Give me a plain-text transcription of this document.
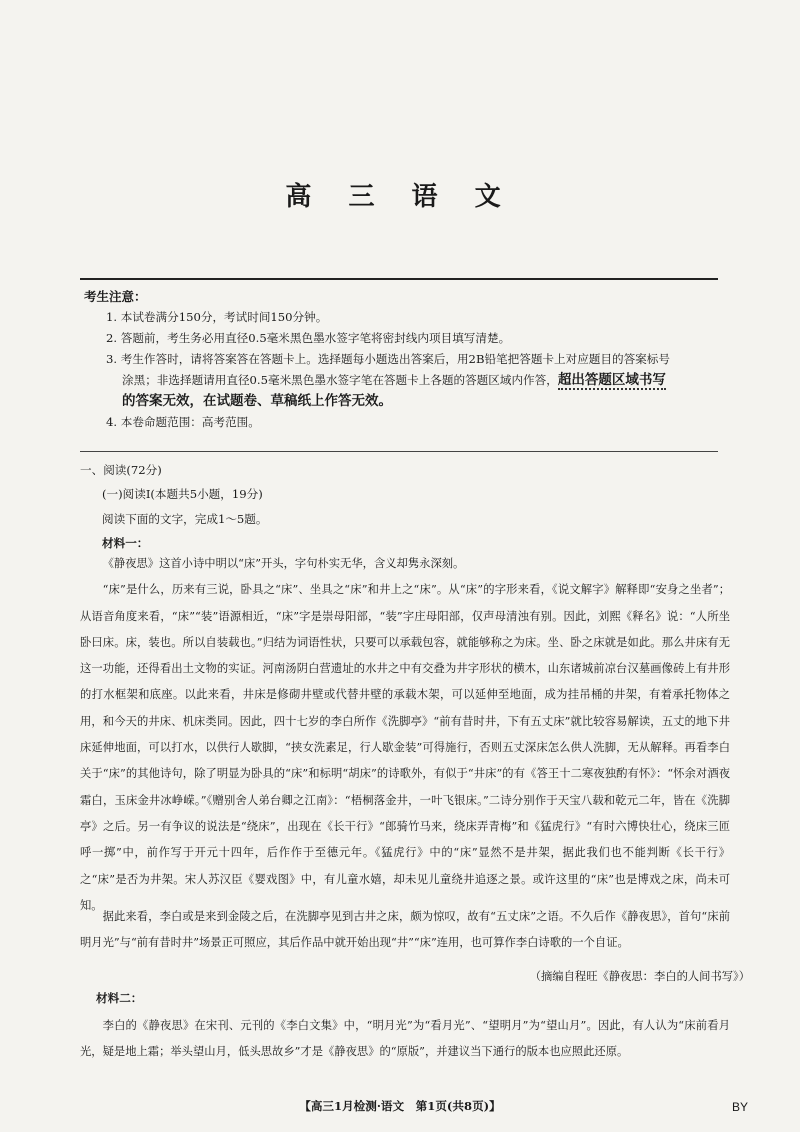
高 三 语 文
考生注意：
1. 本试卷满分150分，考试时间150分钟。
2. 答题前，考生务必用直径0.5毫米黑色墨水签字笔将密封线内项目填写清楚。
3. 考生作答时，请将答案答在答题卡上。选择题每小题选出答案后，用2B铅笔把答题卡上对应题目的答案标号
涂黑；非选择题请用直径0.5毫米黑色墨水签字笔在答题卡上各题的答题区域内作答，超出答题区域书写
的答案无效，在试题卷、草稿纸上作答无效。
4. 本卷命题范围：高考范围。
一、阅读(72分)
(一)阅读Ⅰ(本题共5小题，19分)
阅读下面的文字，完成1～5题。
材料一：
《静夜思》这首小诗中明以“床”开头，字句朴实无华，含义却隽永深刻。
“床”是什么，历来有三说，卧具之“床”、坐具之“床”和井上之“床”。从“床”的字形来看，《说文解字》解释即“安身之坐者”；从语音角度来看，“床”“装”语源相近，“床”字是崇母阳部，“装”字庄母阳部，仅声母清浊有别。因此，刘熙《释名》说：“人所坐卧曰床。床，装也。所以自装载也。”归结为词语性状，只要可以承载包容，就能够称之为床。坐、卧之床就是如此。那么井床有无这一功能，还得看出土文物的实证。河南汤阴白营遗址的水井之中有交叠为井字形状的横木，山东诸城前凉台汉墓画像砖上有井形的打水框架和底座。以此来看，井床是修砌井壁或代替井壁的承载木架，可以延伸至地面，成为挂吊桶的井架，有着承托物体之用，和今天的井床、机床类同。因此，四十七岁的李白所作《洗脚亭》“前有昔时井，下有五丈床”就比较容易解读，五丈的地下井床延伸地面，可以打水，以供行人歇脚，“挟女洗素足，行人歇金装”可得施行，否则五丈深床怎么供人洗脚，无从解释。再看李白关于“床”的其他诗句，除了明显为卧具的“床”和标明“胡床”的诗歌外，有似于“井床”的有《答王十二寒夜独酌有怀》：“怀余对酒夜霜白，玉床金井冰峥嵘。”《赠别舍人弟台卿之江南》：“梧桐落金井，一叶飞银床。”二诗分别作于天宝八载和乾元二年，皆在《洗脚亭》之后。另一有争议的说法是“绕床”，出现在《长干行》“郎骑竹马来，绕床弄青梅”和《猛虎行》“有时六博快壮心，绕床三匝呼一掷”中，前作写于开元十四年，后作作于至德元年。《猛虎行》中的“床”显然不是井架，据此我们也不能判断《长干行》之“床”是否为井架。宋人苏汉臣《婴戏图》中，有儿童水嬉，却未见儿童绕井追逐之景。或许这里的“床”也是博戏之床，尚未可知。
据此来看，李白或是来到金陵之后，在洗脚亭见到古井之床，颇为惊叹，故有“五丈床”之语。不久后作《静夜思》，首句“床前明月光”与“前有昔时井”场景正可照应，其后作品中就开始出现“井”“床”连用，也可算作李白诗歌的一个自证。
（摘编自程旺《静夜思：李白的人间书写》）
材料二：
李白的《静夜思》在宋刊、元刊的《李白文集》中，“明月光”为“看月光”、“望明月”为“望山月”。因此，有人认为“床前看月光，疑是地上霜；举头望山月，低头思故乡”才是《静夜思》的“原版”，并建议当下通行的版本也应照此还原。
【高三1月检测·语文　第1页(共8页)】	BY
